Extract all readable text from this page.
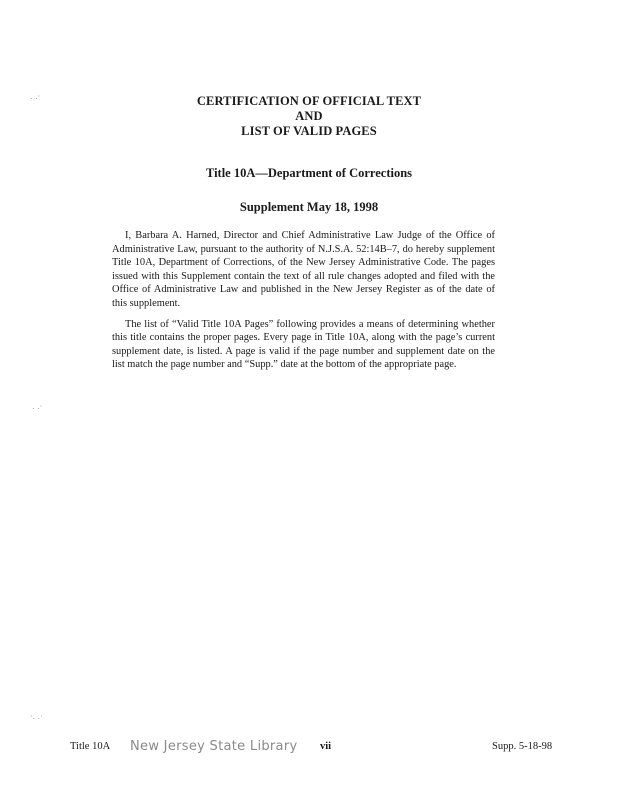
. .·
. .·
·. .·
CERTIFICATION OF OFFICIAL TEXT
AND
LIST OF VALID PAGES
Title 10A—Department of Corrections
Supplement May 18, 1998

I, Barbara A. Harned, Director and Chief Administrative Law Judge of the Office of Administrative Law, pursuant to the authority of N.J.S.A. 52:14B–7, do hereby supplement Title 10A, Department of Corrections, of the New Jersey Administrative Code. The pages issued with this Supplement contain the text of all rule changes adopted and filed with the Office of Administrative Law and published in the New Jersey Register as of the date of this supplement.

The list of “Valid Title 10A Pages” following provides a means of determining whether this title contains the proper pages. Every page in Title 10A, along with the page’s current supplement date, is listed. A page is valid if the page number and supplement date on the list match the page number and “Supp.” date at the bottom of the appropriate page.

Title 10A New Jersey State Library vii	Supp. 5-18-98
